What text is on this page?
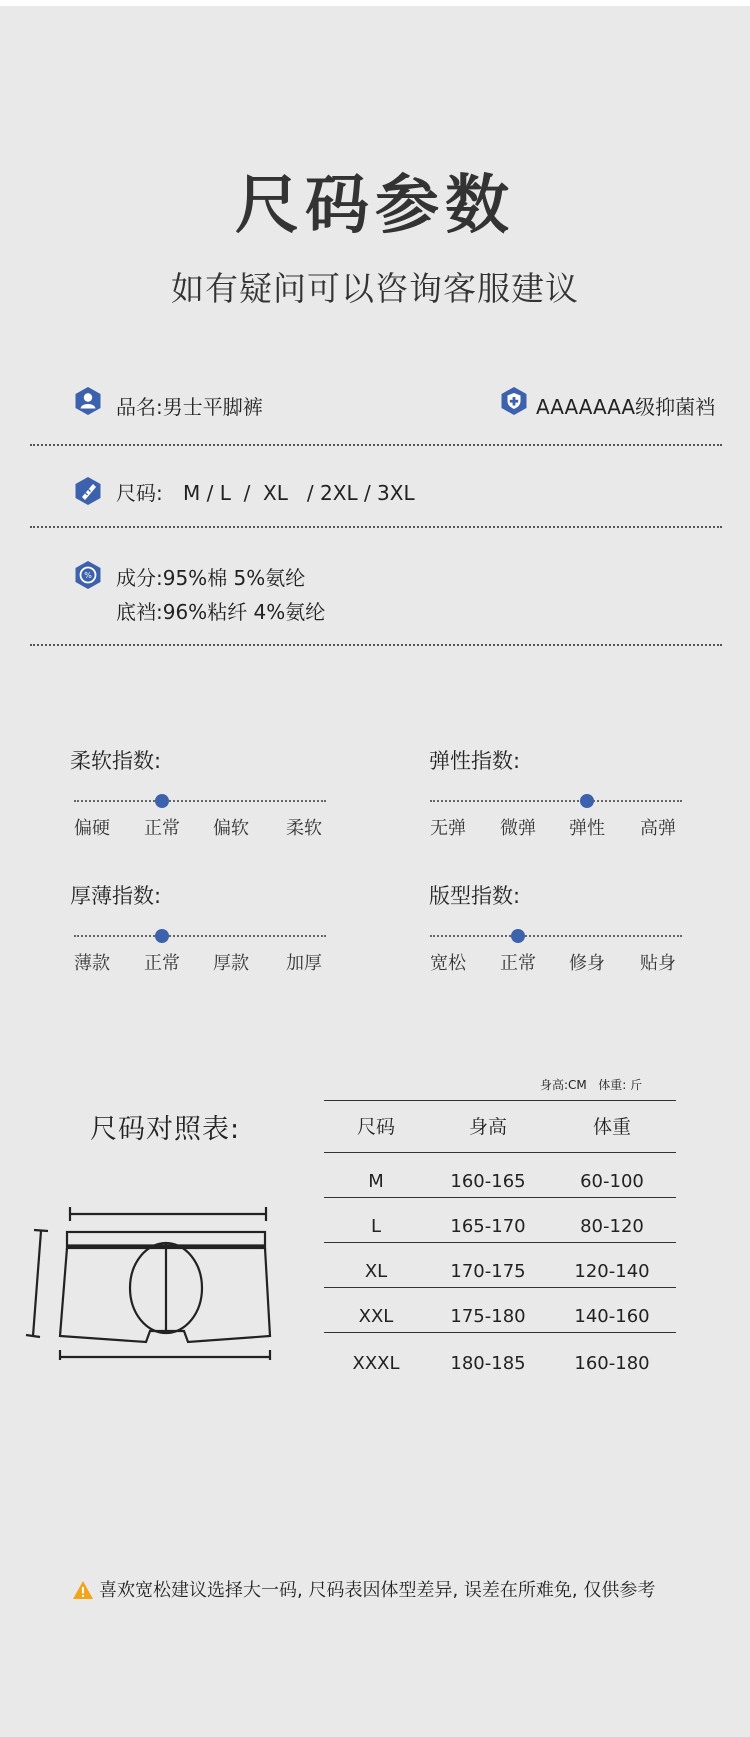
尺码参数
如有疑问可以咨询客服建议
品名:男士平脚裤	AAAAAAA级抑菌裆
尺码: M / L  /  XL   / 2XL / 3XL
% 成分:95%棉 5%氨纶
底裆:96%粘纤 4%氨纶
柔软指数:
偏硬 正常 偏软 柔软
弹性指数:
无弹 微弹 弹性 高弹
厚薄指数:
薄款 正常 厚款 加厚
版型指数:
宽松 正常 修身 贴身
尺码对照表:
身高:CM   体重: 斤
尺码	身高	体重
M	160-165	60-100
L	165-170	80-120
XL	170-175	120-140
XXL	175-180	140-160
XXXL	180-185	160-180
喜欢宽松建议选择大一码, 尺码表因体型差异, 误差在所难免, 仅供参考
